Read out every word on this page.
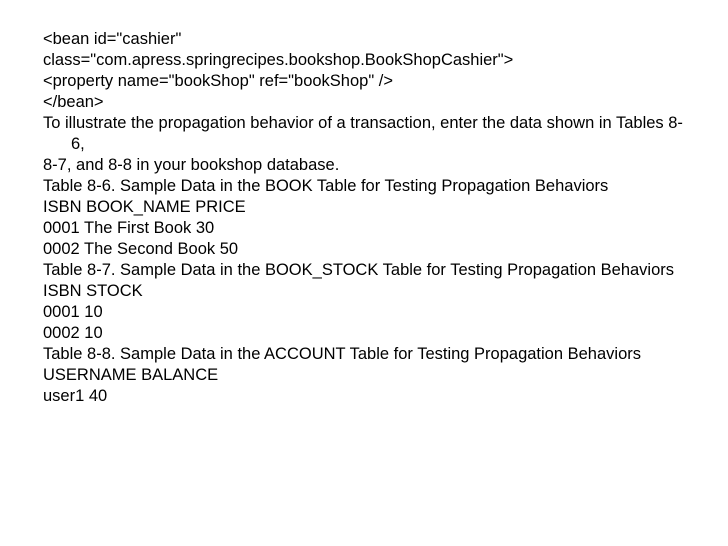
<bean id="cashier"
class="com.apress.springrecipes.bookshop.BookShopCashier">
<property name="bookShop" ref="bookShop" />
</bean>
To illustrate the propagation behavior of a transaction, enter the data shown in Tables 8-6,
8-7, and 8-8 in your bookshop database.
Table 8-6. Sample Data in the BOOK Table for Testing Propagation Behaviors
ISBN BOOK_NAME PRICE
0001 The First Book 30
0002 The Second Book 50
Table 8-7. Sample Data in the BOOK_STOCK Table for Testing Propagation Behaviors
ISBN STOCK
0001 10
0002 10
Table 8-8. Sample Data in the ACCOUNT Table for Testing Propagation Behaviors
USERNAME BALANCE
user1 40
